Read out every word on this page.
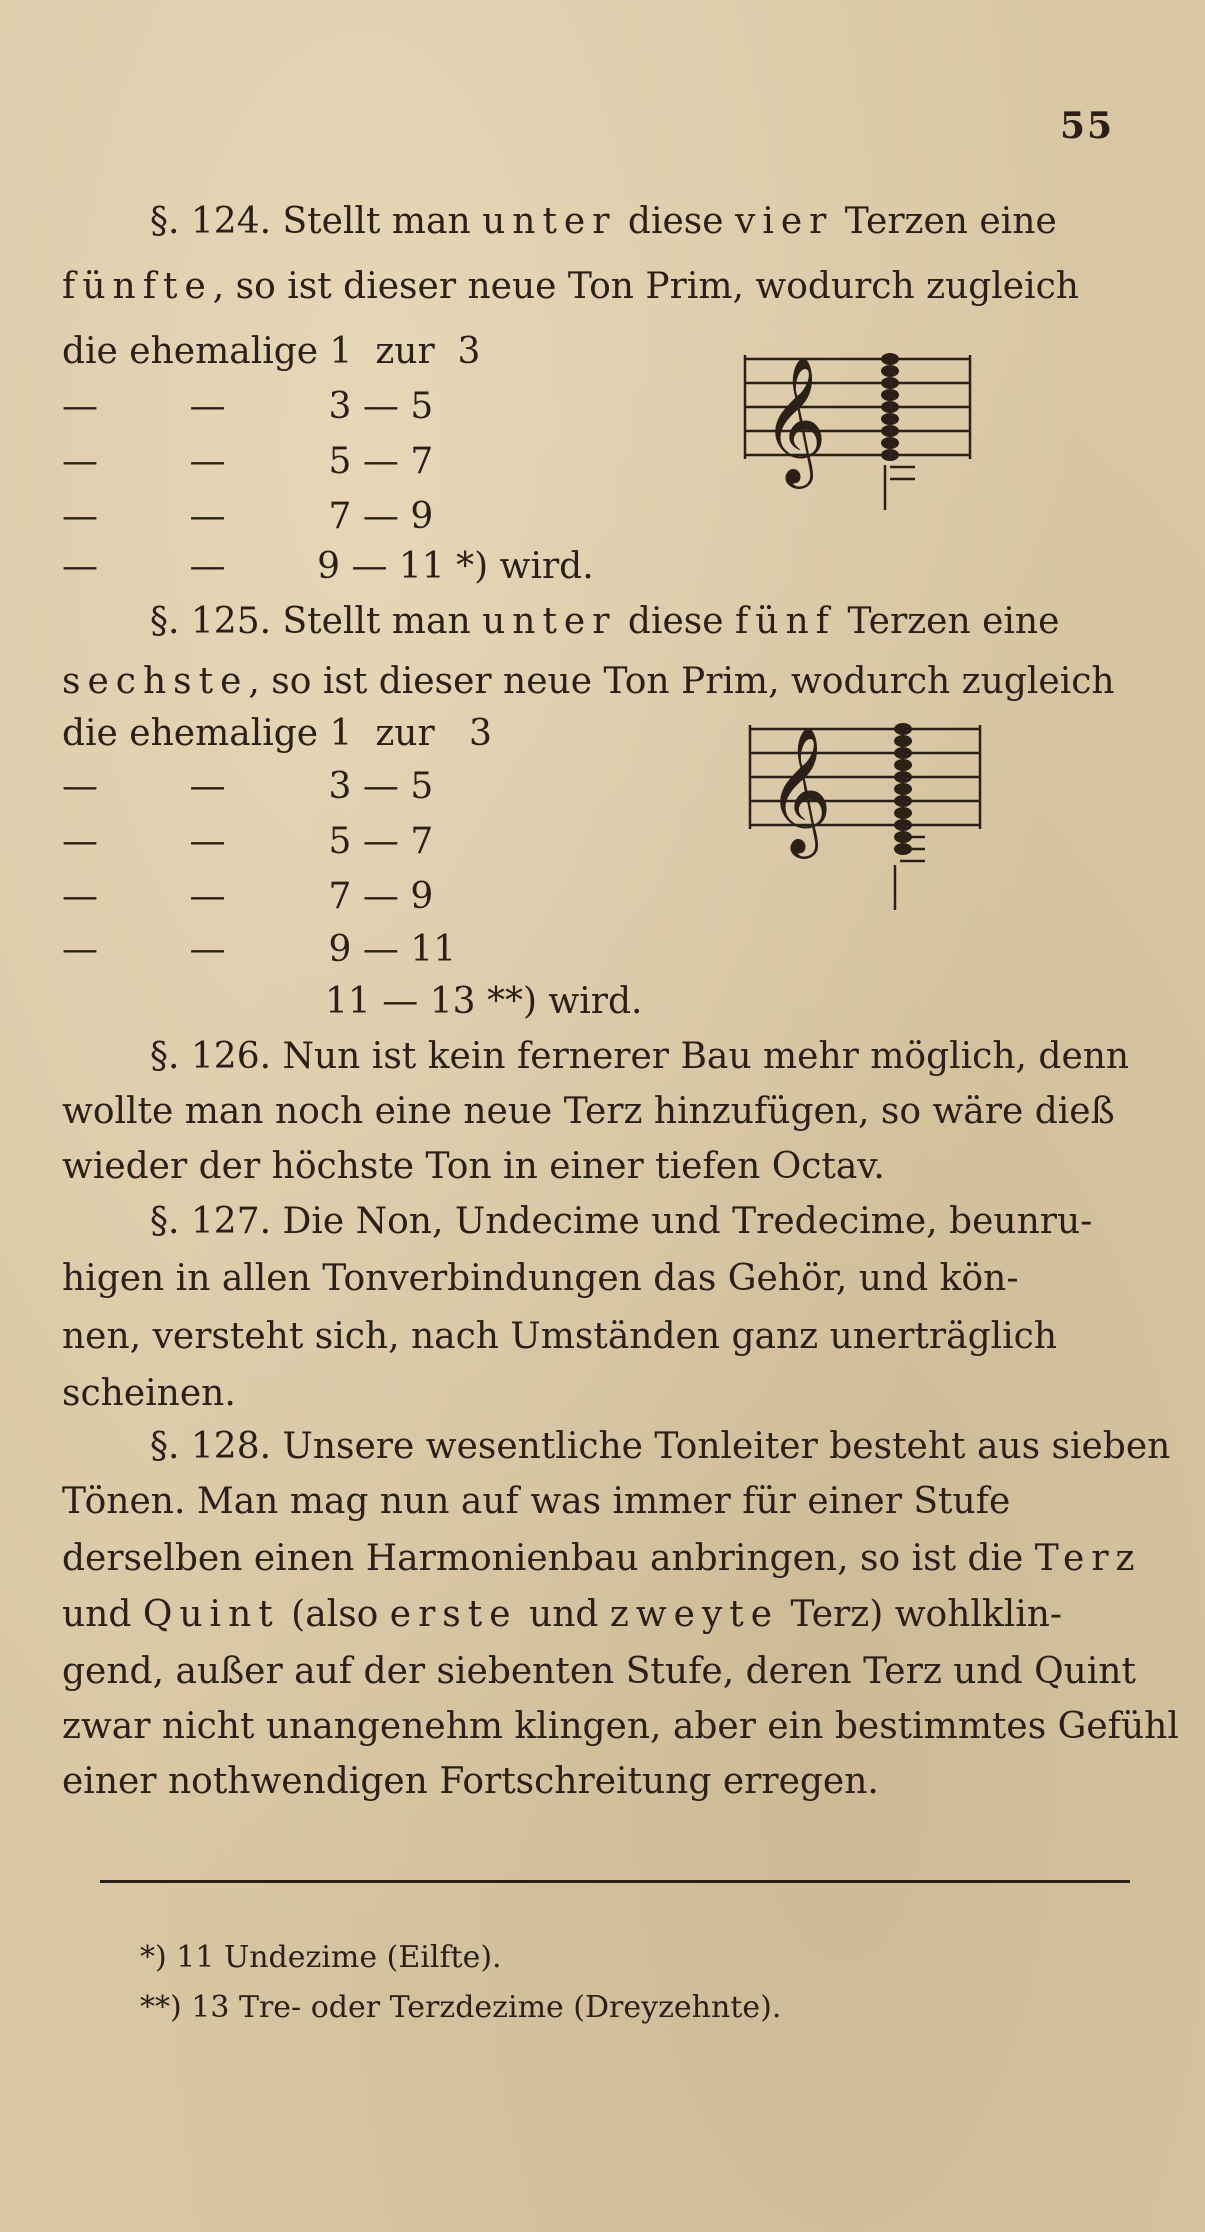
55
§. 124. Stellt man unter diese vier Terzen eine
fünfte, so ist dieser neue Ton Prim, wodurch zugleich
die ehemalige 1  zur  3
—        —         3 — 5
—        —         5 — 7
—        —         7 — 9
—        —        9 — 11 *) wird.
𝄞
§. 125. Stellt man unter diese fünf Terzen eine
sechste, so ist dieser neue Ton Prim, wodurch zugleich
die ehemalige 1  zur   3
—        —         3 — 5
—        —         5 — 7
—        —         7 — 9
—        —         9 — 11
11 — 13 **) wird.
𝄞
§. 126. Nun ist kein fernerer Bau mehr möglich, denn
wollte man noch eine neue Terz hinzufügen, so wäre dieß
wieder der höchste Ton in einer tiefen Octav.
§. 127. Die Non, Undecime und Tredecime, beunru-
higen in allen Tonverbindungen das Gehör, und kön-
nen, versteht sich, nach Umständen ganz unerträglich
scheinen.
§. 128. Unsere wesentliche Tonleiter besteht aus sieben
Tönen. Man mag nun auf was immer für einer Stufe
derselben einen Harmonienbau anbringen, so ist die Terz
und Quint (also erste und zweyte Terz) wohlklin-
gend, außer auf der siebenten Stufe, deren Terz und Quint
zwar nicht unangenehm klingen, aber ein bestimmtes Gefühl
einer nothwendigen Fortschreitung erregen.
*) 11 Undezime (Eilfte).
**) 13 Tre- oder Terzdezime (Dreyzehnte).
